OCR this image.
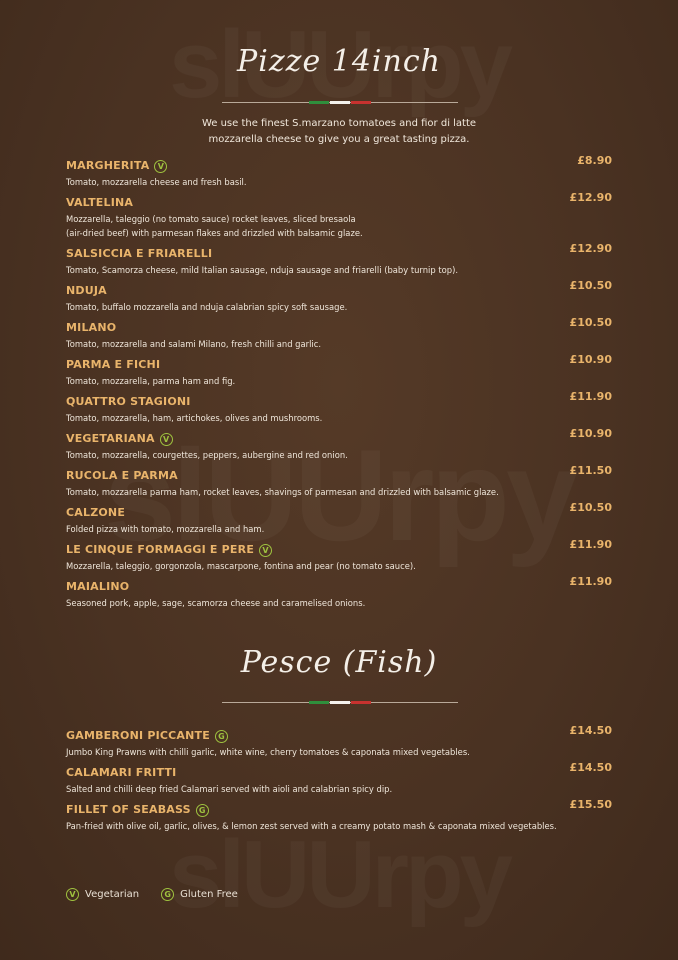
Pizze 14inch
We use the finest S.marzano tomatoes and fior di latte
mozzarella cheese to give you a great tasting pizza.
MARGHERITA	V	£8.90
Tomato, mozzarella cheese and fresh basil.
VALTELINA	£12.90
Mozzarella, taleggio (no tomato sauce) rocket leaves, sliced bresaola
(air-dried beef) with parmesan flakes and drizzled with balsamic glaze.
SALSICCIA E FRIARELLI	£12.90
Tomato, Scamorza cheese, mild Italian sausage, nduja sausage and friarelli (baby turnip top).
NDUJA	£10.50
Tomato, buffalo mozzarella and nduja calabrian spicy soft sausage.
MILANO	£10.50
Tomato, mozzarella and salami Milano, fresh chilli and garlic.
PARMA E FICHI	£10.90
Tomato, mozzarella, parma ham and fig.
QUATTRO STAGIONI	£11.90
Tomato, mozzarella, ham, artichokes, olives and mushrooms.
VEGETARIANA	V	£10.90
Tomato, mozzarella, courgettes, peppers, aubergine and red onion.
RUCOLA E PARMA	£11.50
Tomato, mozzarella parma ham, rocket leaves, shavings of parmesan and drizzled with balsamic glaze.
CALZONE	£10.50
Folded pizza with tomato, mozzarella and ham.
LE CINQUE FORMAGGI E PERE	V	£11.90
Mozzarella, taleggio, gorgonzola, mascarpone, fontina and pear (no tomato sauce).
MAIALINO	£11.90
Seasoned pork, apple, sage, scamorza cheese and caramelised onions.
Pesce (Fish)
GAMBERONI PICCANTE	G	£14.50
Jumbo King Prawns with chilli garlic, white wine, cherry tomatoes & caponata mixed vegetables.
CALAMARI FRITTI	£14.50
Salted and chilli deep fried Calamari served with aioli and calabrian spicy dip.
FILLET OF SEABASS	G	£15.50
Pan-fried with olive oil, garlic, olives, & lemon zest served with a creamy potato mash & caponata mixed vegetables.
V Vegetarian	G Gluten Free
